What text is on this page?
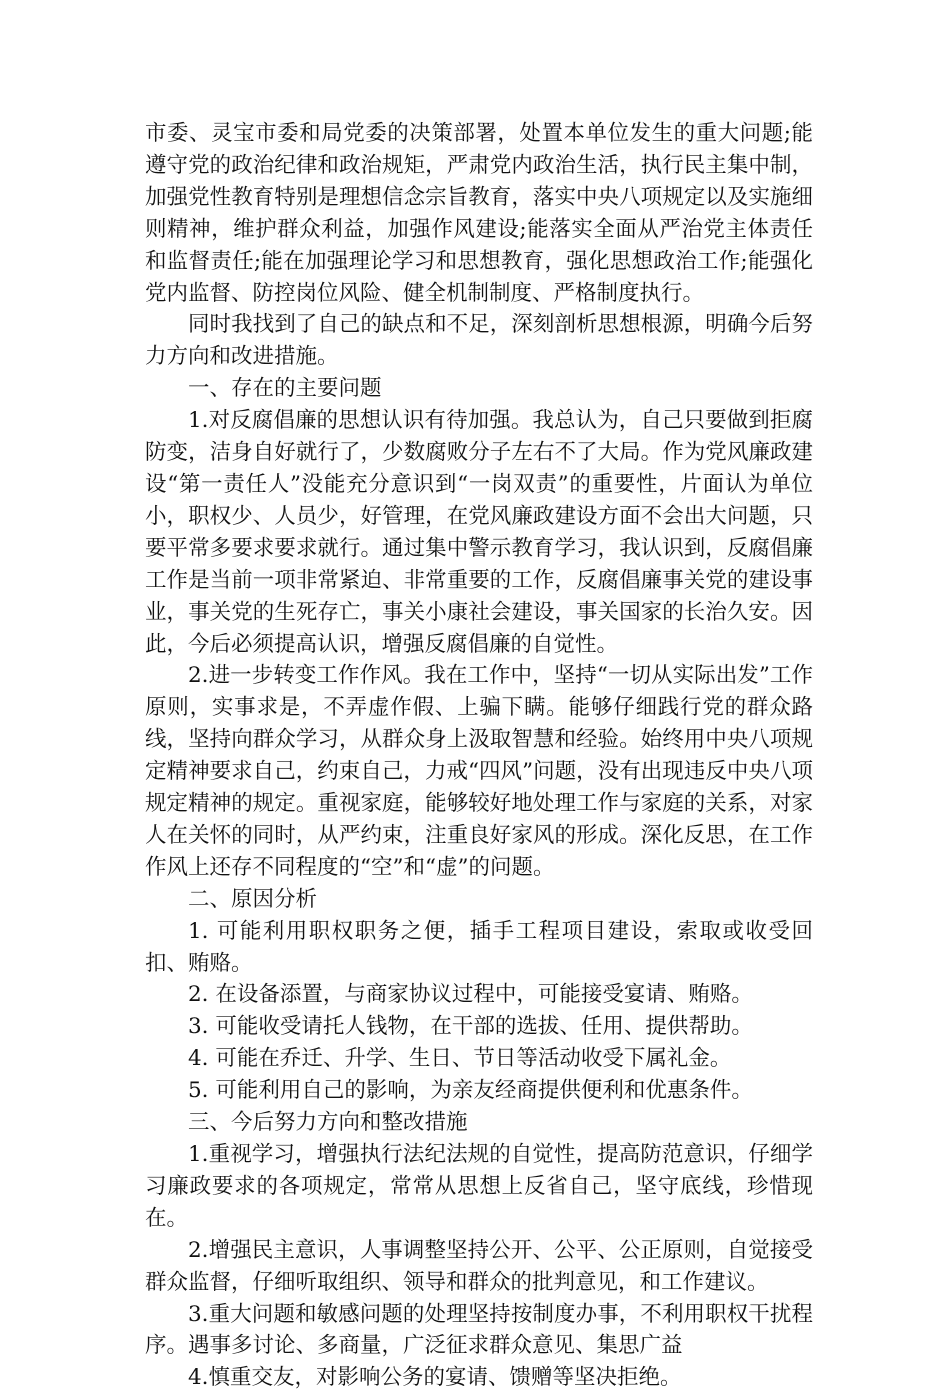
市委、灵宝市委和局党委的决策部署，处置本单位发生的重大问题;能遵守党的政治纪律和政治规矩，严肃党内政治生活，执行民主集中制，加强党性教育特别是理想信念宗旨教育，落实中央八项规定以及实施细则精神，维护群众利益，加强作风建设;能落实全面从严治党主体责任和监督责任;能在加强理论学习和思想教育，强化思想政治工作;能强化党内监督、防控岗位风险、健全机制制度、严格制度执行。

同时我找到了自己的缺点和不足，深刻剖析思想根源，明确今后努力方向和改进措施。

一、存在的主要问题

1.对反腐倡廉的思想认识有待加强。我总认为，自己只要做到拒腐防变，洁身自好就行了，少数腐败分子左右不了大局。作为党风廉政建设“第一责任人”没能充分意识到“一岗双责”的重要性，片面认为单位小，职权少、人员少，好管理，在党风廉政建设方面不会出大问题，只要平常多要求要求就行。通过集中警示教育学习，我认识到，反腐倡廉工作是当前一项非常紧迫、非常重要的工作，反腐倡廉事关党的建设事业，事关党的生死存亡，事关小康社会建设，事关国家的长治久安。因此，今后必须提高认识，增强反腐倡廉的自觉性。

2.进一步转变工作作风。我在工作中，坚持“一切从实际出发”工作原则，实事求是，不弄虚作假、上骗下瞒。能够仔细践行党的群众路线，坚持向群众学习，从群众身上汲取智慧和经验。始终用中央八项规定精神要求自己，约束自己，力戒“四风”问题，没有出现违反中央八项规定精神的规定。重视家庭，能够较好地处理工作与家庭的关系，对家人在关怀的同时，从严约束，注重良好家风的形成。深化反思，在工作作风上还存不同程度的“空”和“虚”的问题。

二、原因分析

1. 可能利用职权职务之便，插手工程项目建设，索取或收受回扣、贿赂。

2. 在设备添置，与商家协议过程中，可能接受宴请、贿赂。

3. 可能收受请托人钱物，在干部的选拔、任用、提供帮助。

4. 可能在乔迁、升学、生日、节日等活动收受下属礼金。

5. 可能利用自己的影响，为亲友经商提供便利和优惠条件。

三、今后努力方向和整改措施

1.重视学习，增强执行法纪法规的自觉性，提高防范意识，仔细学习廉政要求的各项规定，常常从思想上反省自己，坚守底线，珍惜现在。

2.增强民主意识，人事调整坚持公开、公平、公正原则，自觉接受群众监督，仔细听取组织、领导和群众的批判意见，和工作建议。

3.重大问题和敏感问题的处理坚持按制度办事，不利用职权干扰程序。遇事多讨论、多商量，广泛征求群众意见、集思广益

4.慎重交友，对影响公务的宴请、馈赠等坚决拒绝。
